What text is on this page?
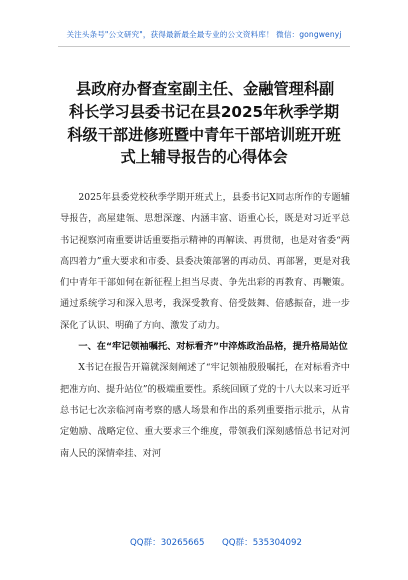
关注头条号"公文研究"，获得最新最全最专业的公文资料库！ 微信：gongwenyj
县政府办督查室副主任、金融管理科副
科长学习县委书记在县2025年秋季学期
科级干部进修班暨中青年干部培训班开班
式上辅导报告的心得体会

2025年县委党校秋季学期开班式上，县委书记X同志所作的专题辅导报告，高屋建瓴、思想深邃、内涵丰富、语重心长，既是对习近平总书记视察河南重要讲话重要指示精神的再解读、再贯彻，也是对省委“两高四着力”重大要求和市委、县委决策部署的再动员、再部署，更是对我们中青年干部如何在新征程上担当尽责、争先出彩的再教育、再鞭策。通过系统学习和深入思考，我深受教育、倍受鼓舞、倍感振奋，进一步深化了认识、明确了方向、激发了动力。

一、在“牢记领袖嘱托、对标看齐”中淬炼政治品格，提升格局站位

X书记在报告开篇就深刻阐述了“牢记领袖殷殷嘱托，在对标看齐中把准方向、提升站位”的极端重要性。系统回顾了党的十八大以来习近平总书记七次亲临河南考察的感人场景和作出的系列重要指示批示，从肯定勉励、战略定位、重大要求三个维度，带领我们深刻感悟总书记对河南人民的深情牵挂、对河

QQ群：30265665 QQ群：535304092
